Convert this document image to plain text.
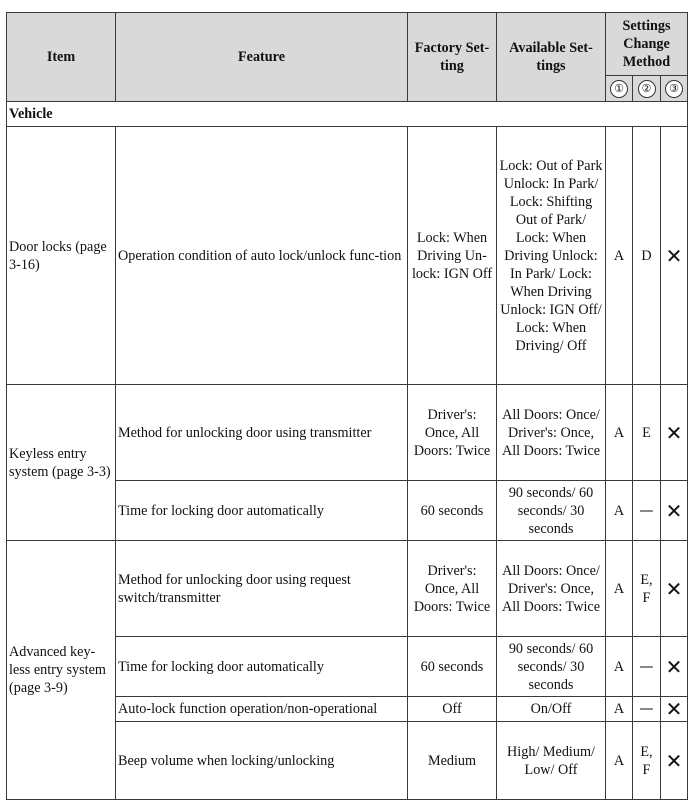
Item	Feature	Factory Set-ting	Available Set-tings	Settings Change Method		
				①	②	③
Vehicle						
Door locks (page 3-16)	Operation condition of auto lock/unlock func-tion	Lock: When Driving Un-lock: IGN Off	Lock: Out of Park Unlock: In Park/ Lock: Shifting Out of Park/ Lock: When Driving Unlock: In Park/ Lock: When Driving Unlock: IGN Off/ Lock: When Driving/ Off	A	D	✕
Keyless entry system (page 3-3)	Method for unlocking door using transmitter	Driver's: Once, All Doors: Twice	All Doors: Once/ Driver's: Once, All Doors: Twice	A	E	✕
	Time for locking door automatically	60 seconds	90 seconds/ 60 seconds/ 30 seconds	A	—	✕
Advanced key-less entry system (page 3-9)	Method for unlocking door using request switch/transmitter	Driver's: Once, All Doors: Twice	All Doors: Once/ Driver's: Once, All Doors: Twice	A	E, F	✕
	Time for locking door automatically	60 seconds	90 seconds/ 60 seconds/ 30 seconds	A	—	✕
	Auto-lock function operation/non-operational	Off	On/Off	A	—	✕
	Beep volume when locking/unlocking	Medium	High/ Medium/ Low/ Off	A	E, F	✕
